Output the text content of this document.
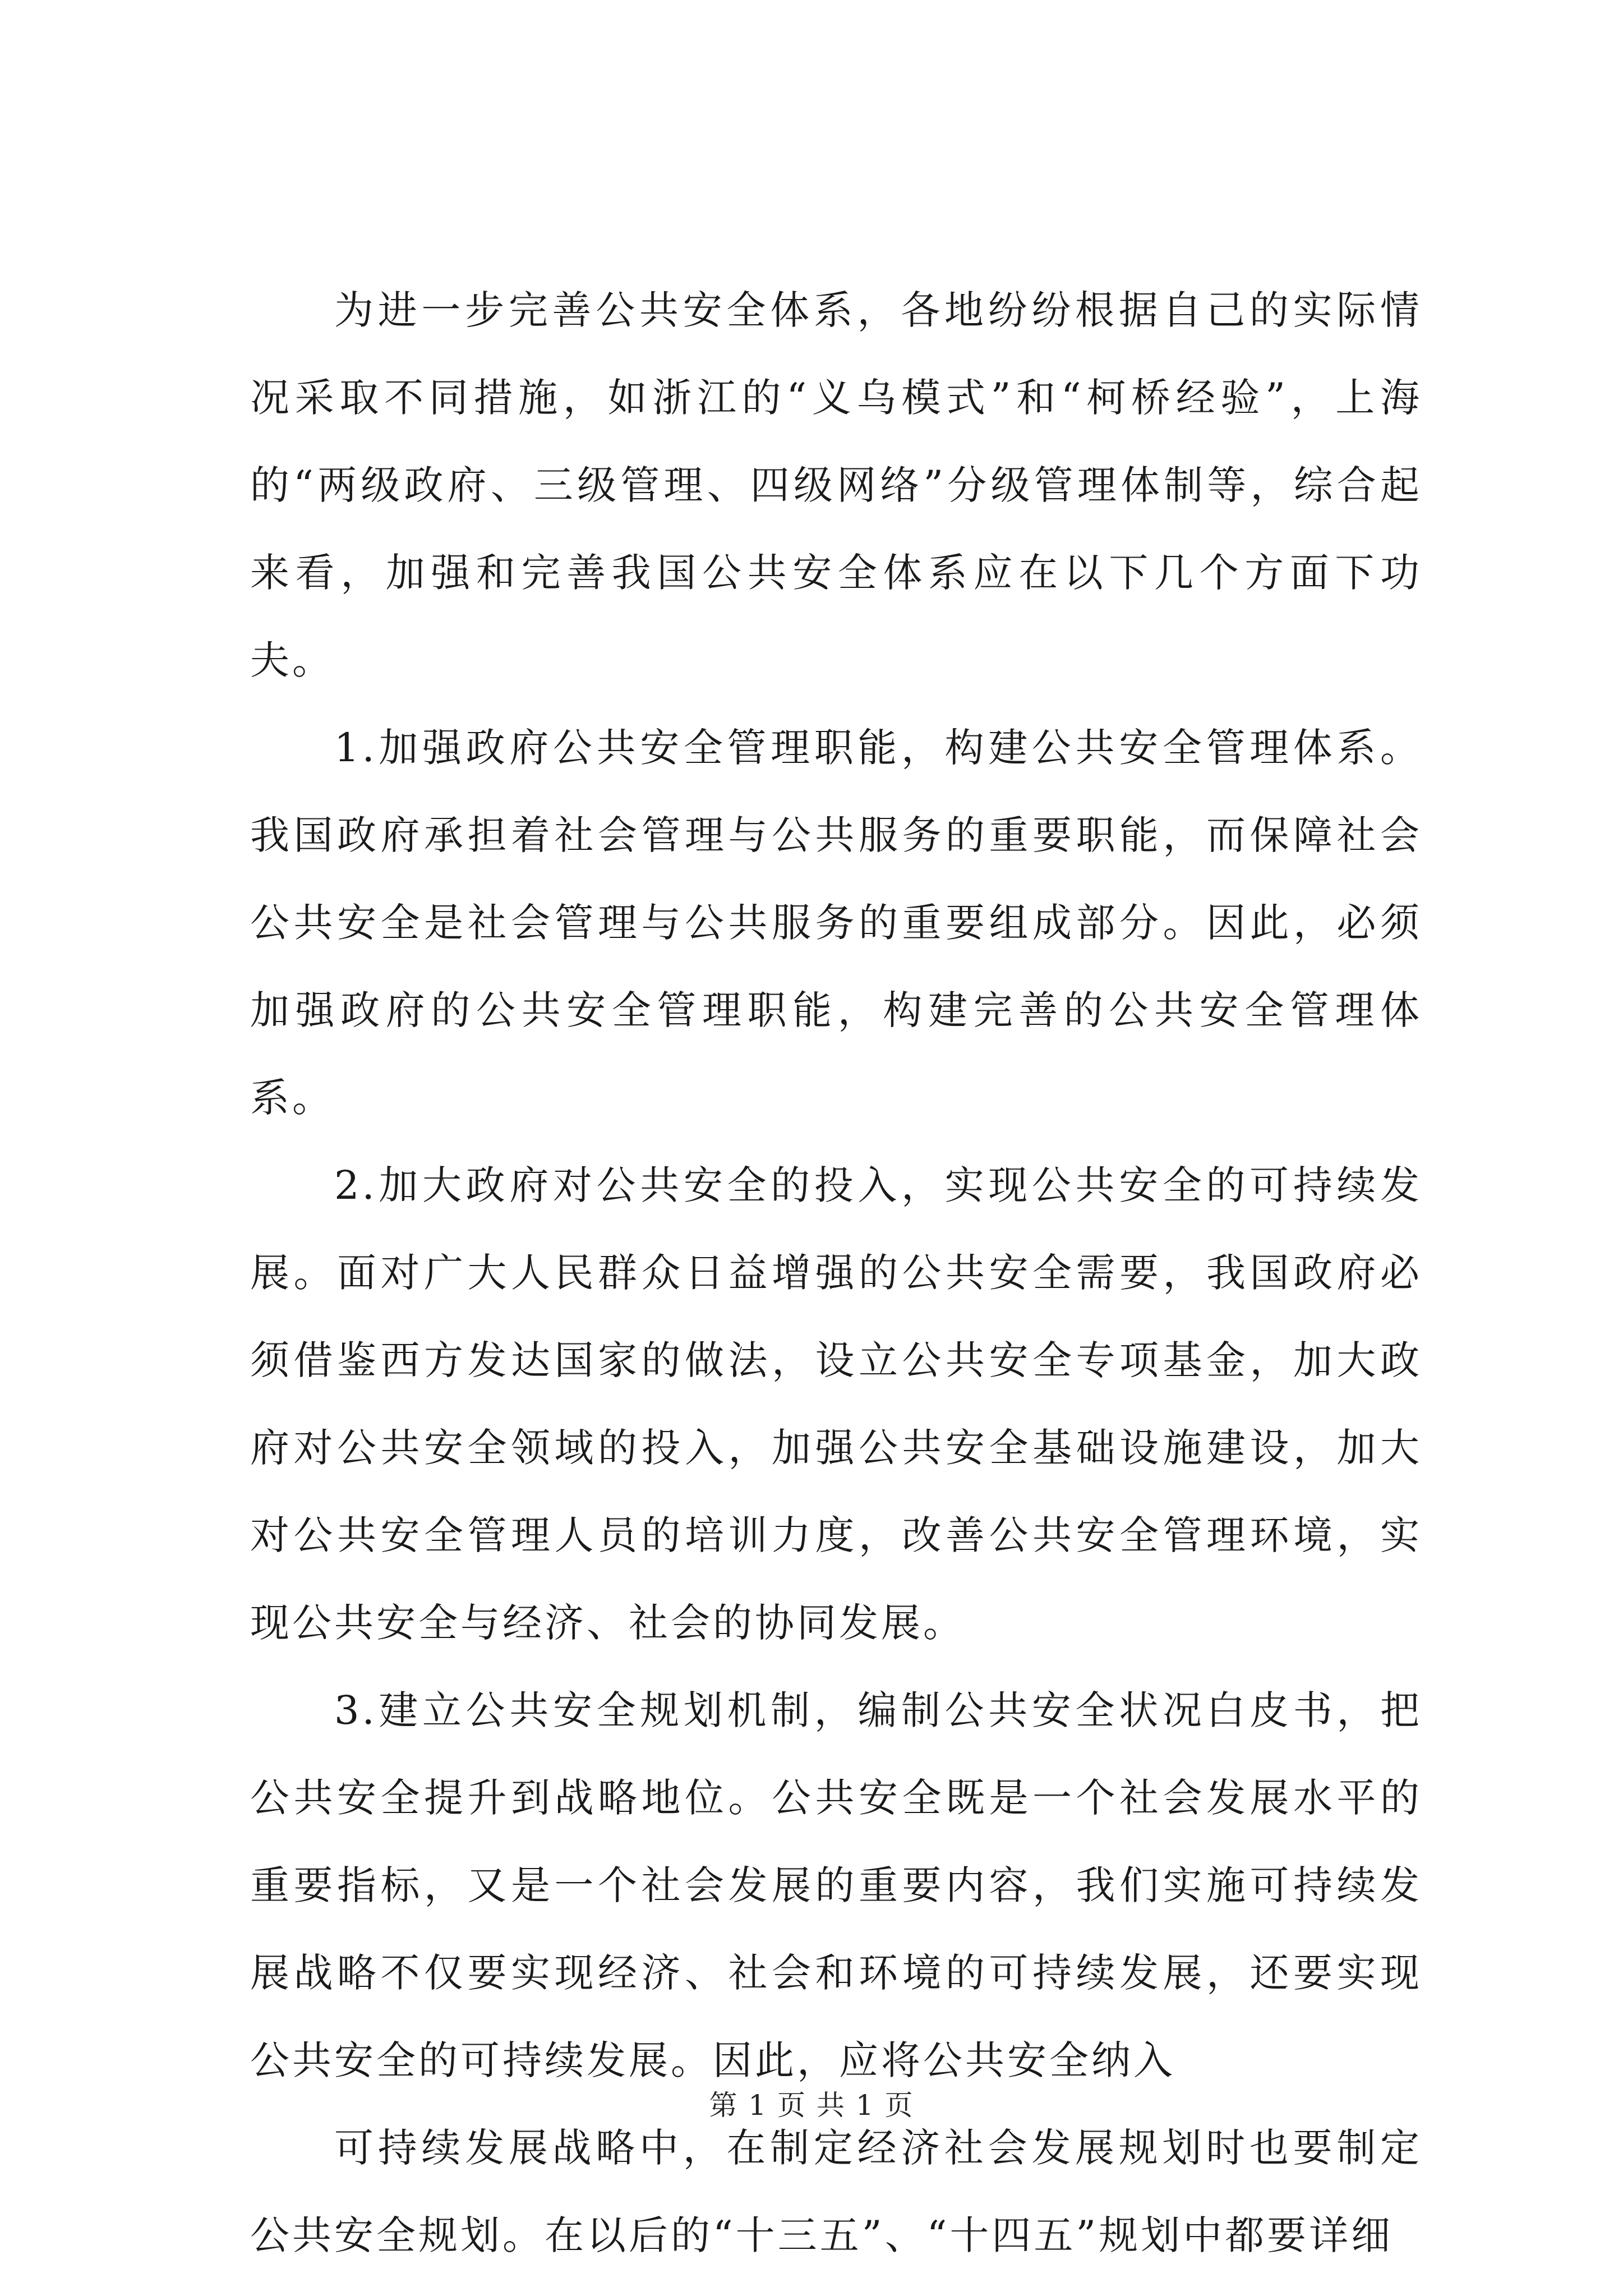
为进一步完善公共安全体系，各地纷纷根据自己的实际情况采取不同措施，如浙江的“义乌模式”和“柯桥经验”，上海的“两级政府、三级管理、四级网络”分级管理体制等，综合起来看，加强和完善我国公共安全体系应在以下几个方面下功夫。

1.加强政府公共安全管理职能，构建公共安全管理体系。我国政府承担着社会管理与公共服务的重要职能，而保障社会公共安全是社会管理与公共服务的重要组成部分。因此，必须加强政府的公共安全管理职能，构建完善的公共安全管理体系。

2.加大政府对公共安全的投入，实现公共安全的可持续发展。面对广大人民群众日益增强的公共安全需要，我国政府必须借鉴西方发达国家的做法，设立公共安全专项基金，加大政府对公共安全领域的投入，加强公共安全基础设施建设，加大对公共安全管理人员的培训力度，改善公共安全管理环境，实现公共安全与经济、社会的协同发展。

3.建立公共安全规划机制，编制公共安全状况白皮书，把公共安全提升到战略地位。公共安全既是一个社会发展水平的重要指标，又是一个社会发展的重要内容，我们实施可持续发展战略不仅要实现经济、社会和环境的可持续发展，还要实现公共安全的可持续发展。因此，应将公共安全纳入

可持续发展战略中，在制定经济社会发展规划时也要制定公共安全规划。在以后的“十三五”、“十四五”规划中都要详细

第 1 页 共 1 页
